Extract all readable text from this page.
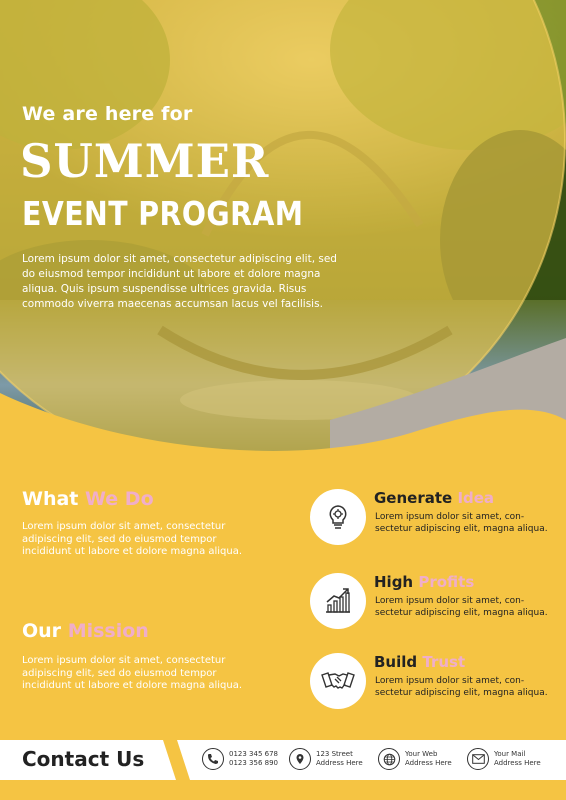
We are here for
SUMMER
EVENT PROGRAM
Lorem ipsum dolor sit amet, consectetur adipiscing elit, sed do eiusmod tempor incididunt ut labore et dolore magna aliqua. Quis ipsum suspendisse ultrices gravida. Risus commodo viverra maecenas accumsan lacus vel facilisis.
What We Do
Lorem ipsum dolor sit amet, consectetur adipiscing elit, sed do eiusmod tempor incididunt ut labore et dolore magna aliqua.
Our Mission
Lorem ipsum dolor sit amet, consectetur adipiscing elit, sed do eiusmod tempor incididunt ut labore et dolore magna aliqua.
Generate Idea
Lorem ipsum dolor sit amet, consectetur adipiscing elit, magna aliqua.
High Profits
Lorem ipsum dolor sit amet, consectetur adipiscing elit, magna aliqua.
Build Trust
Lorem ipsum dolor sit amet, consectetur adipiscing elit, magna aliqua.
Contact Us	0123 345 678
0123 356 890
123 Street
Address Here
Your Web
Address Here
Your Mail
Address Here
